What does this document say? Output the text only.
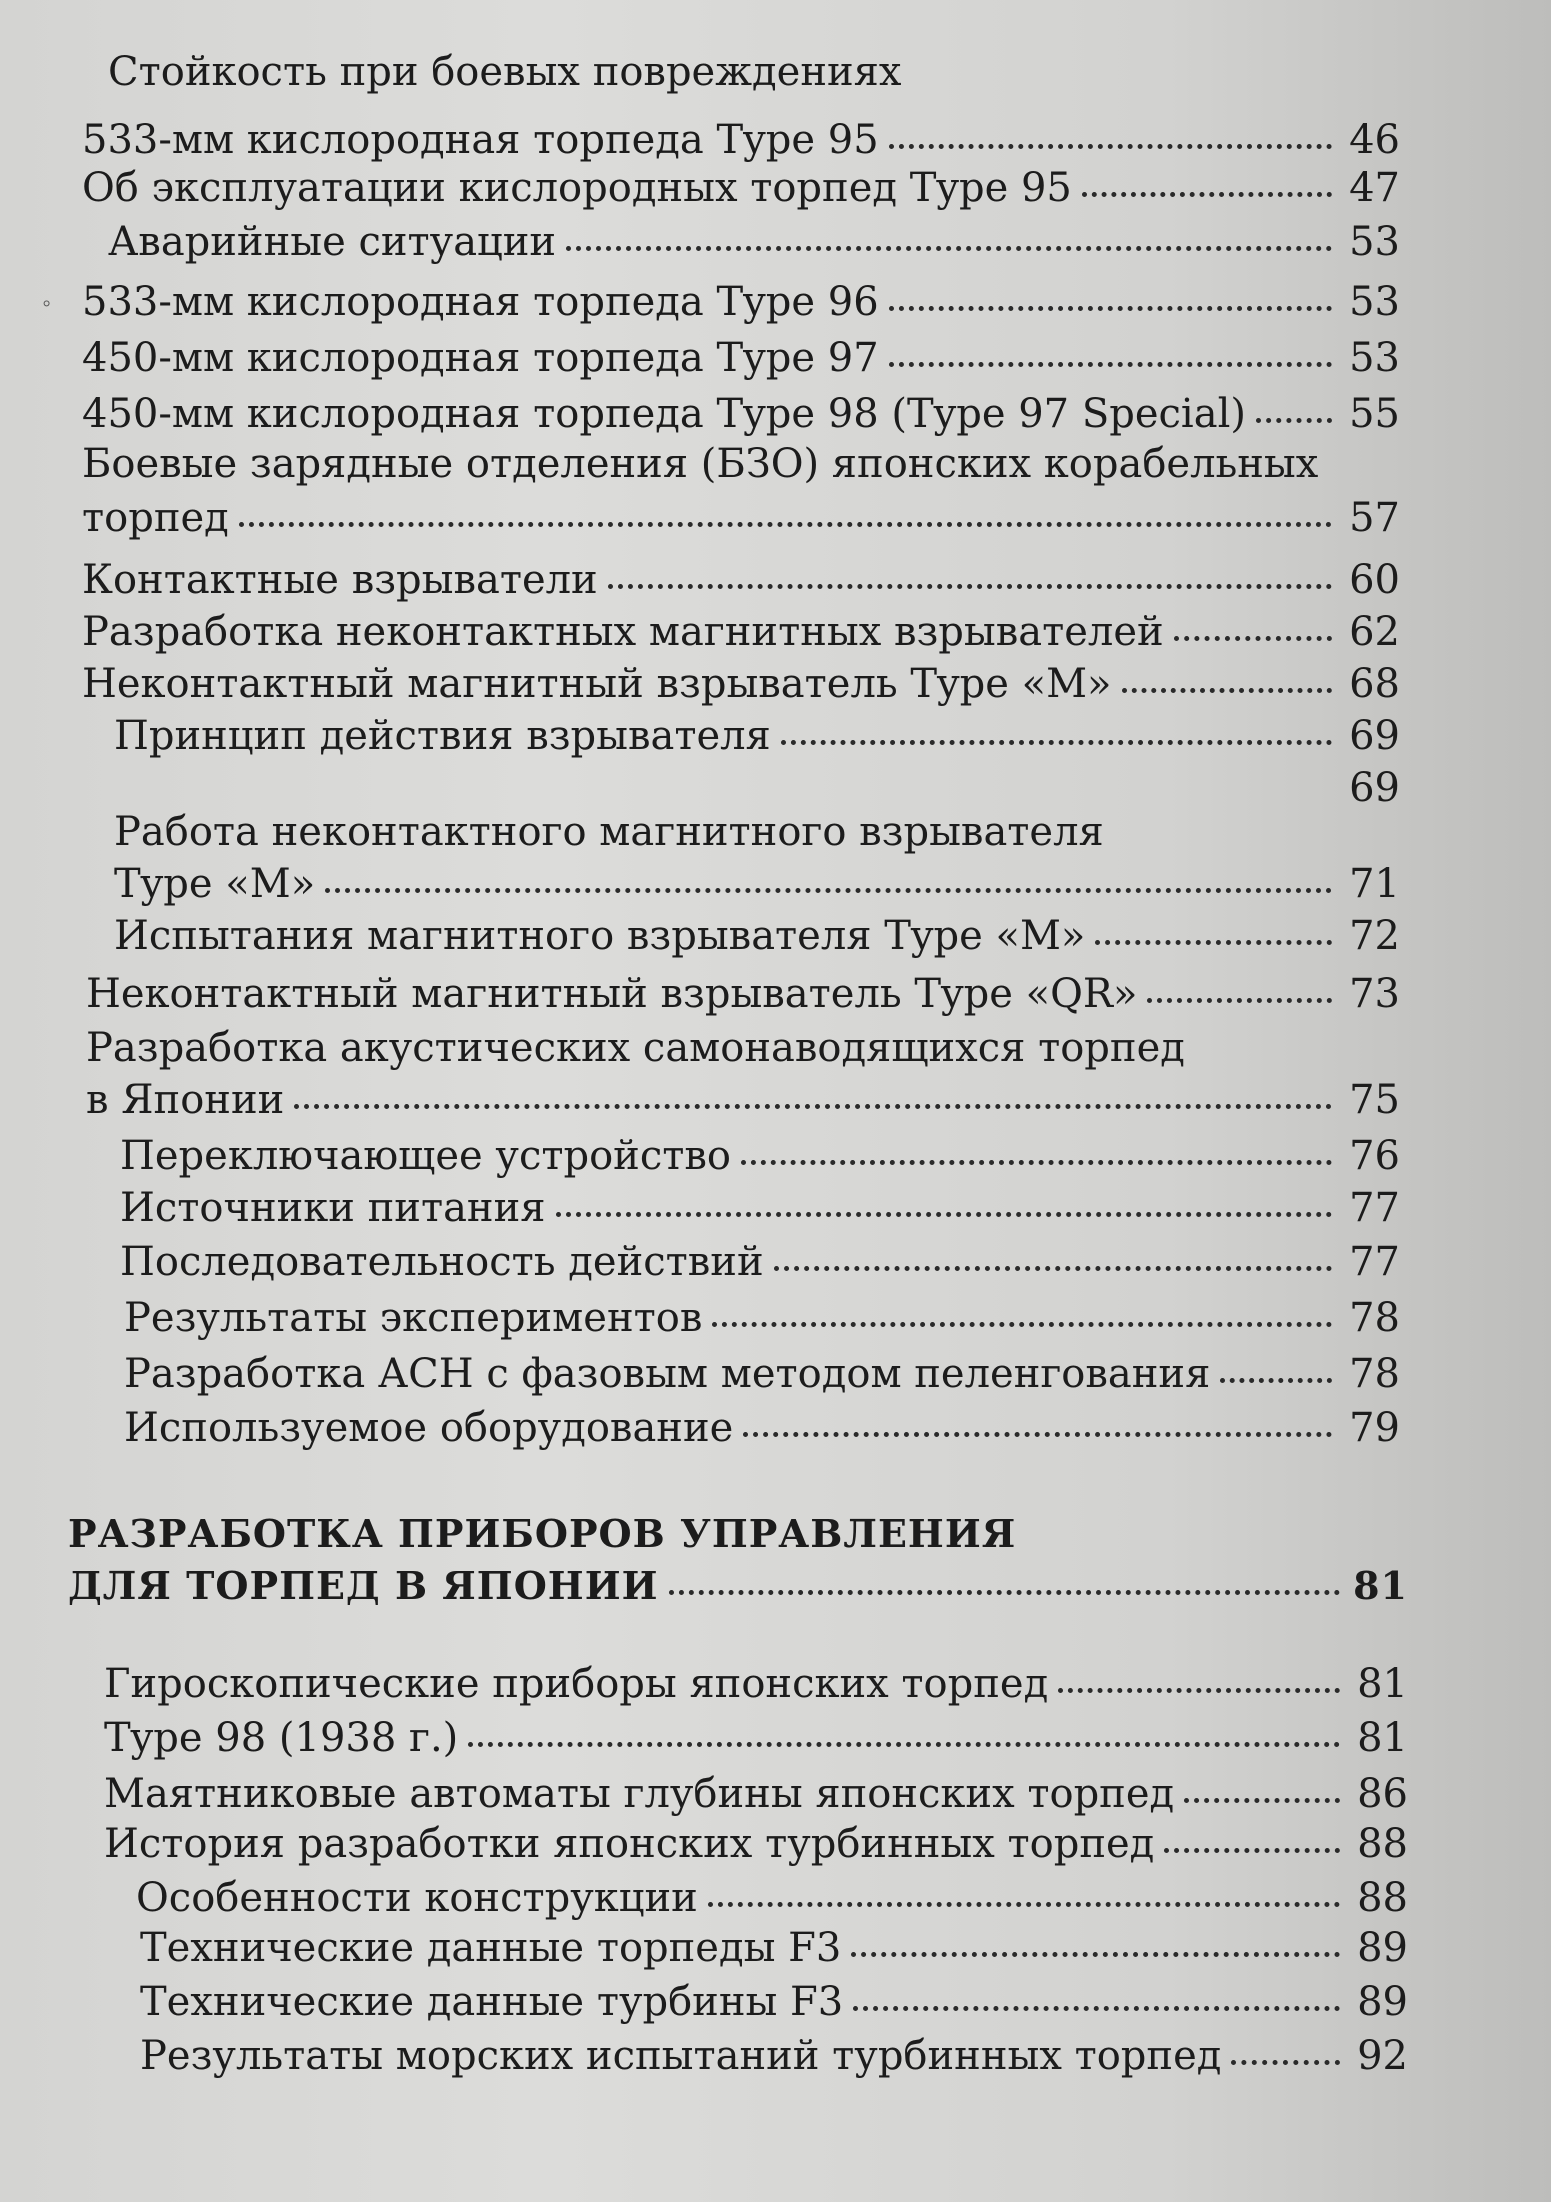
Стойкость при боевых повреждениях
533-мм кислородная торпеда Type 95	46
Об эксплуатации кислородных торпед Type 95	47
Аварийные ситуации	53
⸰ 533-мм кислородная торпеда Type 96	53
450-мм кислородная торпеда Type 97	53
450-мм кислородная торпеда Type 98 (Type 97 Special)	55
Боевые зарядные отделения (БЗО) японских корабельных
торпед	57
Контактные взрыватели	60
Разработка неконтактных магнитных взрывателей	62
Неконтактный магнитный взрыватель Type «М»	68
Принцип действия взрывателя	69
69
Работа неконтактного магнитного взрывателя
Type «М»	71
Испытания магнитного взрывателя Type «М»	72
Неконтактный магнитный взрыватель Type «QR»	73
Разработка акустических самонаводящихся торпед
в Японии	75
Переключающее устройство	76
Источники питания	77
Последовательность действий	77
Результаты экспериментов	78
Разработка АСН с фазовым методом пеленгования	78
Используемое оборудование	79
РАЗРАБОТКА ПРИБОРОВ УПРАВЛЕНИЯ
ДЛЯ ТОРПЕД В ЯПОНИИ	81
Гироскопические приборы японских торпед	81
Type 98 (1938 г.)	81
Маятниковые автоматы глубины японских торпед	86
История разработки японских турбинных торпед	88
Особенности конструкции	88
Технические данные торпеды F3	89
Технические данные турбины F3	89
Результаты морских испытаний турбинных торпед	92
